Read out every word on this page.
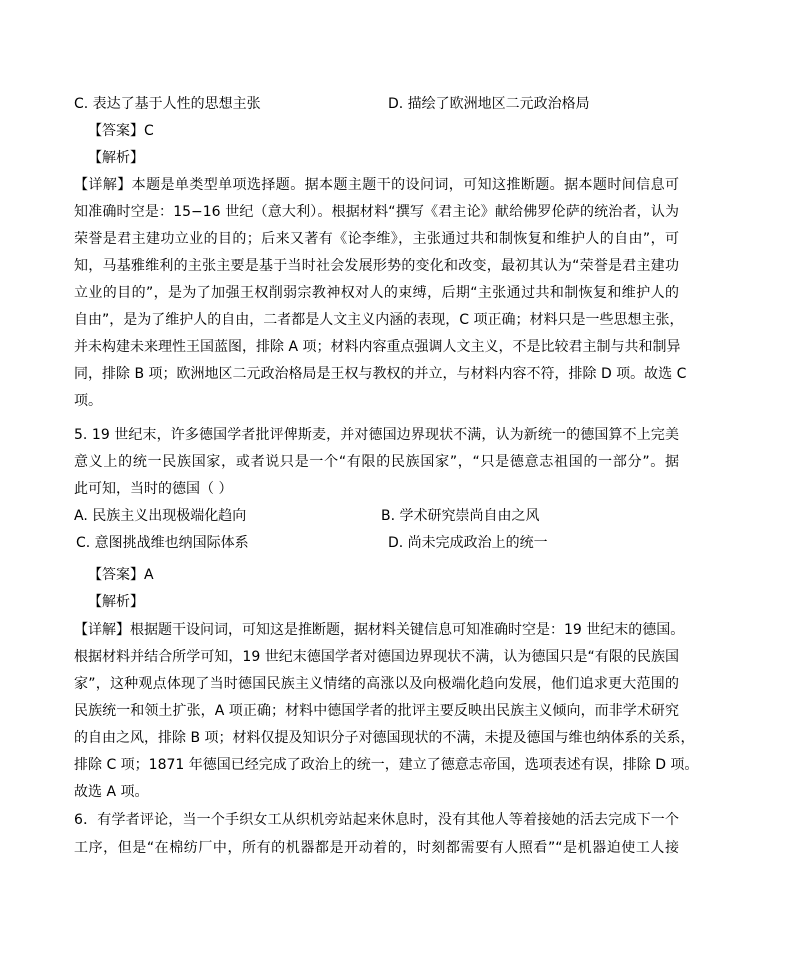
C. 表达了基于人性的思想主张	D. 描绘了欧洲地区二元政治格局
【答案】C
【解析】
【详解】本题是单类型单项选择题。据本题主题干的设问词，可知这推断题。据本题时间信息可
知准确时空是：15−16 世纪（意大利）。根据材料“撰写《君主论》献给佛罗伦萨的统治者，认为
荣誉是君主建功立业的目的；后来又著有《论李维》，主张通过共和制恢复和维护人的自由”，可
知，马基雅维利的主张主要是基于当时社会发展形势的变化和改变，最初其认为“荣誉是君主建功
立业的目的”，是为了加强王权削弱宗教神权对人的束缚，后期“主张通过共和制恢复和维护人的
自由”，是为了维护人的自由，二者都是人文主义内涵的表现，C 项正确；材料只是一些思想主张，
并未构建未来理性王国蓝图，排除 A 项；材料内容重点强调人文主义，不是比较君主制与共和制异
同，排除 B 项；欧洲地区二元政治格局是王权与教权的并立，与材料内容不符，排除 D 项。故选 C
项。
5. 19 世纪末，许多德国学者批评俾斯麦，并对德国边界现状不满，认为新统一的德国算不上完美
意义上的统一民族国家，或者说只是一个“有限的民族国家”，“只是德意志祖国的一部分”。据
此可知，当时的德国（ ）
A. 民族主义出现极端化趋向	B. 学术研究崇尚自由之风
C. 意图挑战维也纳国际体系	D. 尚未完成政治上的统一
【答案】A
【解析】
【详解】根据题干设问词，可知这是推断题，据材料关键信息可知准确时空是：19 世纪末的德国。
根据材料并结合所学可知，19 世纪末德国学者对德国边界现状不满，认为德国只是“有限的民族国
家”，这种观点体现了当时德国民族主义情绪的高涨以及向极端化趋向发展，他们追求更大范围的
民族统一和领土扩张，A 项正确；材料中德国学者的批评主要反映出民族主义倾向，而非学术研究
的自由之风，排除 B 项；材料仅提及知识分子对德国现状的不满，未提及德国与维也纳体系的关系，
排除 C 项；1871 年德国已经完成了政治上的统一，建立了德意志帝国，选项表述有误，排除 D 项。
故选 A 项。
6．有学者评论，当一个手织女工从织机旁站起来休息时，没有其他人等着接她的活去完成下一个
工序，但是“在棉纺厂中，所有的机器都是开动着的，时刻都需要有人照看”“是机器迫使工人接
